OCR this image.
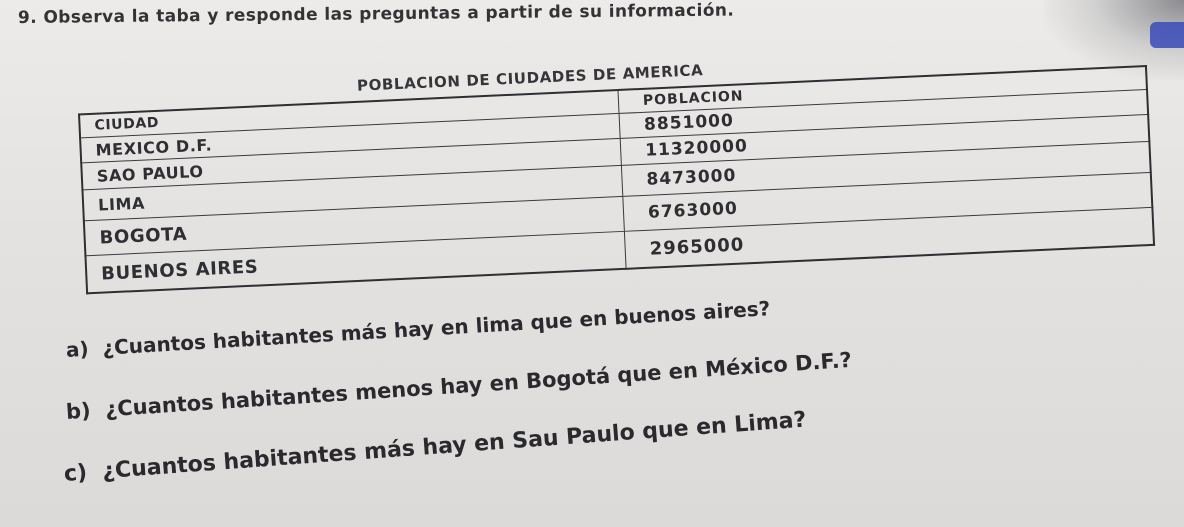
9. Observa la taba y responde las preguntas a partir de su información.
POBLACION DE CIUDADES DE AMERICA
CIUDAD	POBLACION
MEXICO D.F.	8851000
SAO PAULO	11320000
LIMA	8473000
BOGOTA	6763000
BUENOS AIRES	2965000
a) ¿Cuantos habitantes más hay en lima que en buenos aires?
b) ¿Cuantos habitantes menos hay en Bogotá que en México D.F.?
c) ¿Cuantos habitantes más hay en Sau Paulo que en Lima?
